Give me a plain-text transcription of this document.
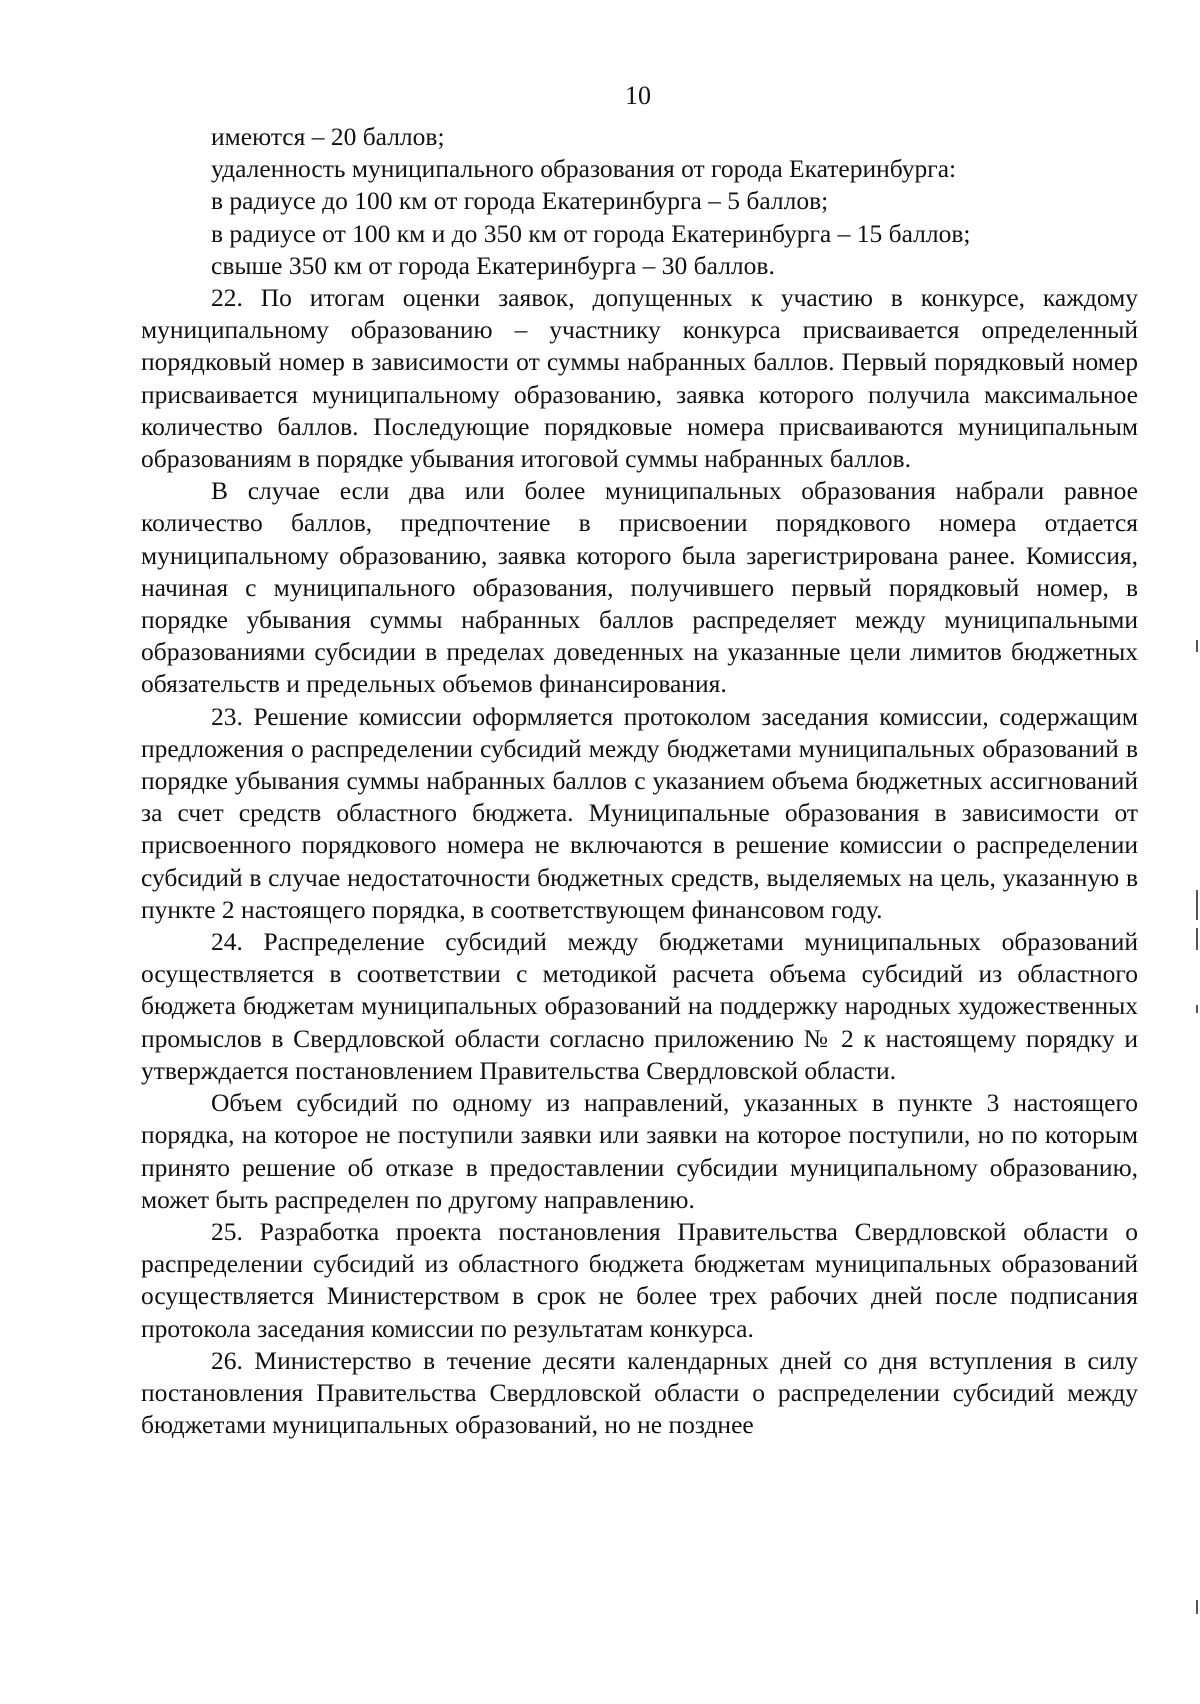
10

имеются – 20 баллов;

удаленность муниципального образования от города Екатеринбурга:

в радиусе до 100 км от города Екатеринбурга – 5 баллов;

в радиусе от 100 км и до 350 км от города Екатеринбурга – 15 баллов;

свыше 350 км от города Екатеринбурга – 30 баллов.

22. По итогам оценки заявок, допущенных к участию в конкурсе, каждому муниципальному образованию – участнику конкурса присваивается определенный порядковый номер в зависимости от суммы набранных баллов. Первый порядковый номер присваивается муниципальному образованию, заявка которого получила максимальное количество баллов. Последующие порядковые номера присваиваются муниципальным образованиям в порядке убывания итоговой суммы набранных баллов.

В случае если два или более муниципальных образования набрали равное количество баллов, предпочтение в присвоении порядкового номера отдается муниципальному образованию, заявка которого была зарегистрирована ранее. Комиссия, начиная с муниципального образования, получившего первый порядковый номер, в порядке убывания суммы набранных баллов распределяет между муниципальными образованиями субсидии в пределах доведенных на указанные цели лимитов бюджетных обязательств и предельных объемов финансирования.

23. Решение комиссии оформляется протоколом заседания комиссии, содержащим предложения о распределении субсидий между бюджетами муниципальных образований в порядке убывания суммы набранных баллов с указанием объема бюджетных ассигнований за счет средств областного бюджета. Муниципальные образования в зависимости от присвоенного порядкового номера не включаются в решение комиссии о распределении субсидий в случае недостаточности бюджетных средств, выделяемых на цель, указанную в пункте 2 настоящего порядка, в соответствующем финансовом году.

24. Распределение субсидий между бюджетами муниципальных образований осуществляется в соответствии с методикой расчета объема субсидий из областного бюджета бюджетам муниципальных образований на поддержку народных художественных промыслов в Свердловской области согласно приложению № 2 к настоящему порядку и утверждается постановлением Правительства Свердловской области.

Объем субсидий по одному из направлений, указанных в пункте 3 настоящего порядка, на которое не поступили заявки или заявки на которое поступили, но по которым принято решение об отказе в предоставлении субсидии муниципальному образованию, может быть распределен по другому направлению.

25. Разработка проекта постановления Правительства Свердловской области о распределении субсидий из областного бюджета бюджетам муниципальных образований осуществляется Министерством в срок не более трех рабочих дней после подписания протокола заседания комиссии по результатам конкурса.

26. Министерство в течение десяти календарных дней со дня вступления в силу постановления Правительства Свердловской области о распределении субсидий между бюджетами муниципальных образований, но не позднее
